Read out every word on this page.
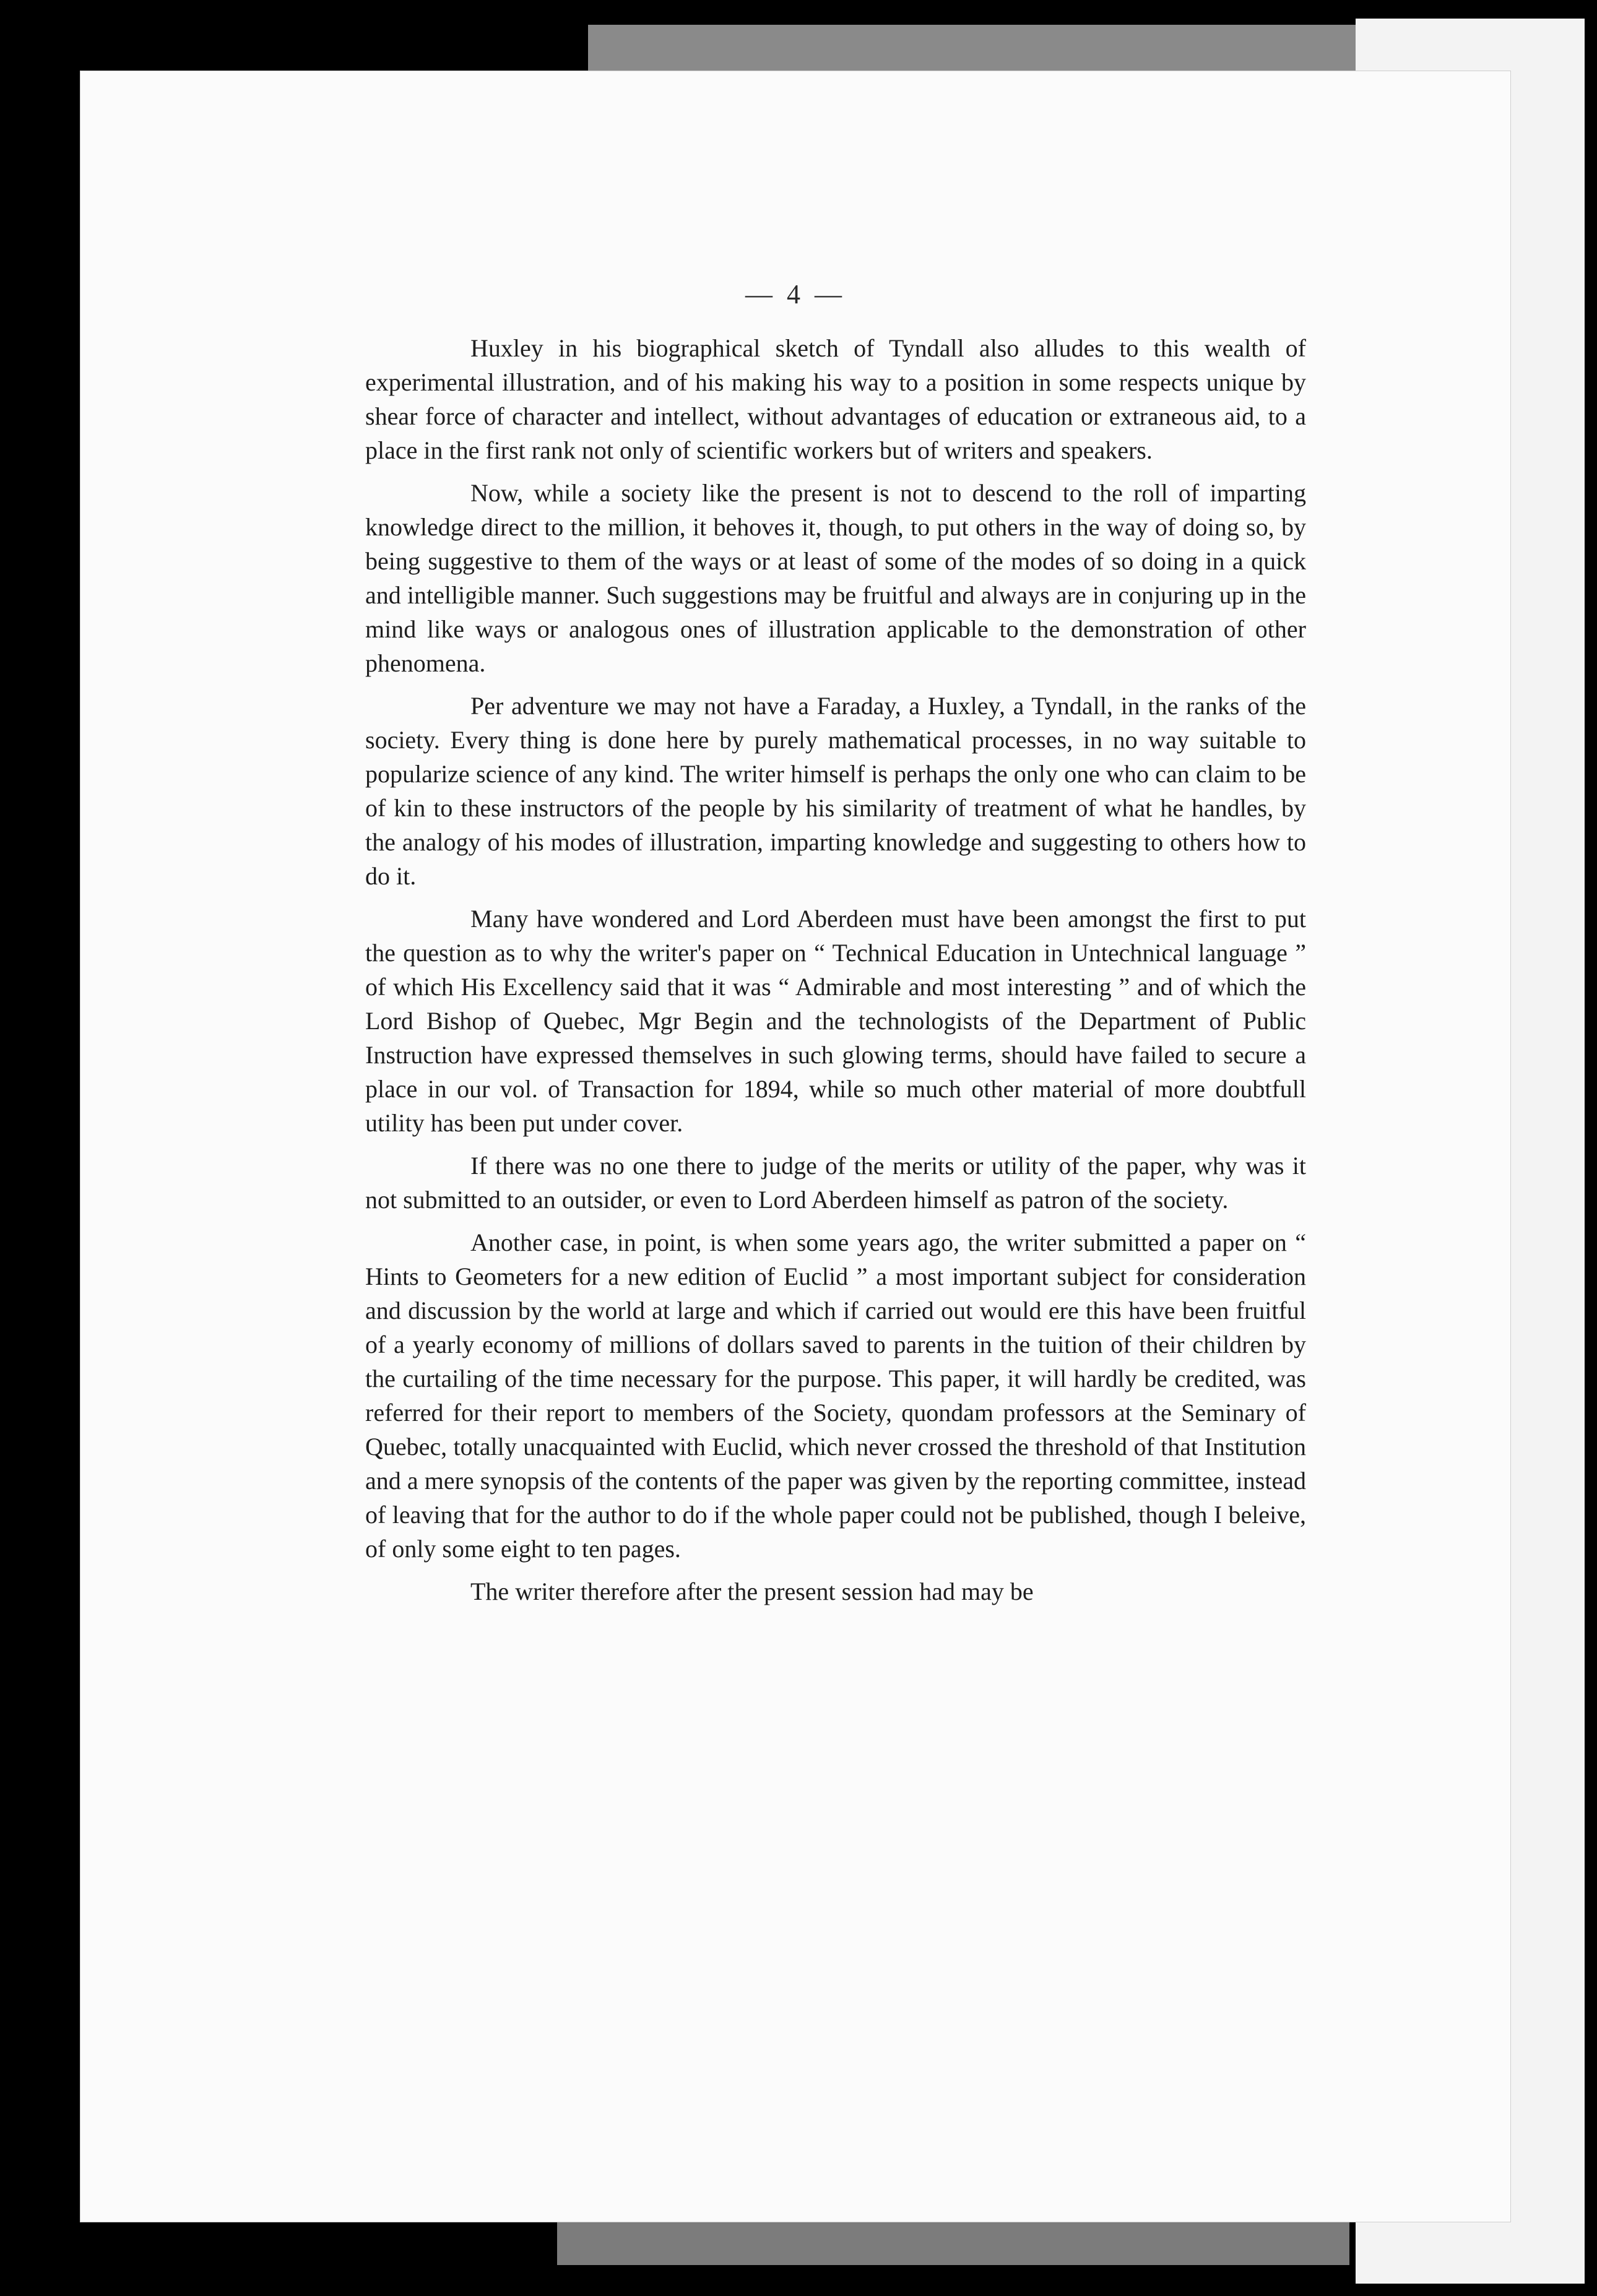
— 4 —

Huxley in his biographical sketch of Tyndall also alludes to this wealth of experimental illustration, and of his making his way to a position in some respects unique by shear force of character and intellect, without advantages of education or extraneous aid, to a place in the first rank not only of scientific workers but of writers and speakers.

Now, while a society like the present is not to descend to the roll of imparting knowledge direct to the million, it behoves it, though, to put others in the way of doing so, by being suggestive to them of the ways or at least of some of the modes of so doing in a quick and intelligible manner. Such suggestions may be fruitful and always are in conjuring up in the mind like ways or analogous ones of illustration applicable to the demonstration of other phenomena.

Per adventure we may not have a Faraday, a Huxley, a Tyndall, in the ranks of the society. Every thing is done here by purely mathematical processes, in no way suitable to popularize science of any kind. The writer himself is perhaps the only one who can claim to be of kin to these instructors of the people by his similarity of treatment of what he handles, by the analogy of his modes of illustration, imparting knowledge and suggesting to others how to do it.

Many have wondered and Lord Aberdeen must have been amongst the first to put the question as to why the writer's paper on “ Technical Education in Untechnical language ” of which His Excellency said that it was “ Admirable and most interesting ” and of which the Lord Bishop of Quebec, Mgr Begin and the technologists of the Department of Public Instruction have expressed themselves in such glowing terms, should have failed to secure a place in our vol. of Transaction for 1894, while so much other material of more doubtfull utility has been put under cover.

If there was no one there to judge of the merits or utility of the paper, why was it not submitted to an outsider, or even to Lord Aberdeen himself as patron of the society.

Another case, in point, is when some years ago, the writer submitted a paper on “ Hints to Geometers for a new edition of Euclid ” a most important subject for consideration and discussion by the world at large and which if carried out would ere this have been fruitful of a yearly economy of millions of dollars saved to parents in the tuition of their children by the curtailing of the time necessary for the purpose. This paper, it will hardly be credited, was referred for their report to members of the Society, quondam professors at the Seminary of Quebec, totally unacquainted with Euclid, which never crossed the threshold of that Institution and a mere synopsis of the contents of the paper was given by the reporting committee, instead of leaving that for the author to do if the whole paper could not be published, though I beleive, of only some eight to ten pages.

The writer therefore after the present session had may be
